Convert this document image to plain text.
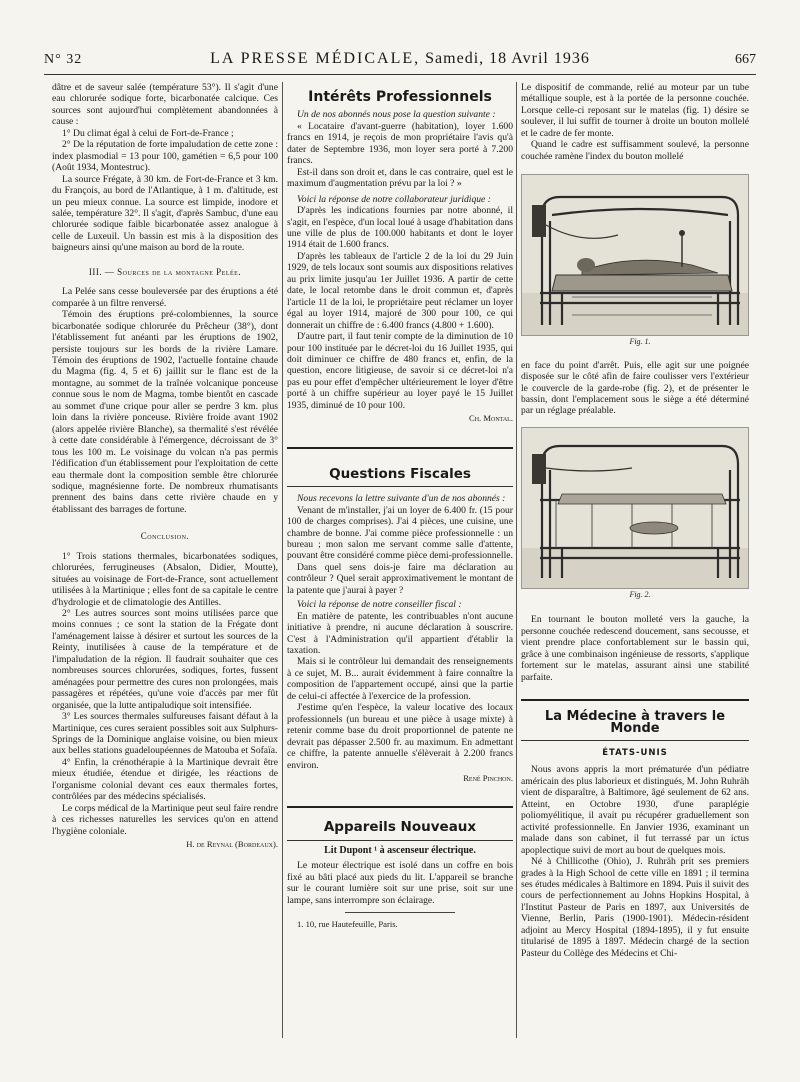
N° 32	LA PRESSE MÉDICALE, Samedi, 18 Avril 1936	667

dâtre et de saveur salée (température 53°). Il s'agit d'une eau chlorurée sodique forte, bicarbonatée calcique. Ces sources sont aujourd'hui complètement abandonnées à cause :

1° Du climat égal à celui de Fort-de-France ;

2° De la réputation de forte impaludation de cette zone : index plasmodial = 13 pour 100, gamétien = 6,5 pour 100 (Août 1934, Montestruc).

La source Frégate, à 30 km. de Fort-de-France et 3 km. du François, au bord de l'Atlantique, à 1 m. d'altitude, est un peu mieux connue. La source est limpide, inodore et salée, température 32°. Il s'agit, d'après Sambuc, d'une eau chlorurée sodique faible bicarbonatée assez analogue à celle de Luxeuil. Un bassin est mis à la disposition des baigneurs ainsi qu'une maison au bord de la route.

III. — Sources de la montagne Pelée.

La Pelée sans cesse bouleversée par des éruptions a été comparée à un filtre renversé.

Témoin des éruptions pré-colombiennes, la source bicarbonatée sodique chlorurée du Prêcheur (38°), dont l'établissement fut anéanti par les éruptions de 1902, persiste toujours sur les bords de la rivière Lamare. Témoin des éruptions de 1902, l'actuelle fontaine chaude du Magma (fig. 4, 5 et 6) jaillit sur le flanc est de la montagne, au sommet de la traînée volcanique ponceuse connue sous le nom de Magma, tombe bientôt en cascade au sommet d'une crique pour aller se perdre 3 km. plus loin dans la rivière ponceuse. Rivière froide avant 1902 (alors appelée rivière Blanche), sa thermalité s'est révélée à cette date considérable à l'émergence, décroissant de 3° tous les 100 m. Le voisinage du volcan n'a pas permis l'édification d'un établissement pour l'exploitation de cette eau thermale dont la composition semble être chlorurée sodique, magnésienne forte. De nombreux rhumatisants prennent des bains dans cette rivière chaude en y établissant des barrages de fortune.

Conclusion.

1° Trois stations thermales, bicarbonatées sodiques, chlorurées, ferrugineuses (Absalon, Didier, Moutte), situées au voisinage de Fort-de-France, sont actuellement utilisées à la Martinique ; elles font de sa capitale le centre d'hydrologie et de climatologie des Antilles.

2° Les autres sources sont moins utilisées parce que moins connues ; ce sont la station de la Frégate dont l'aménagement laisse à désirer et surtout les sources de la Reinty, inutilisées à cause de la température et de l'impaludation de la région. Il faudrait souhaiter que ces nombreuses sources chlorurées, sodiques, fortes, fussent aménagées pour permettre des cures non prolongées, mais passagères et répétées, qu'une voie d'accès par mer fût organisée, que la lutte antipaludique soit intensifiée.

3° Les sources thermales sulfureuses faisant défaut à la Martinique, ces cures seraient possibles soit aux Sulphurs-Springs de la Dominique anglaise voisine, ou bien mieux aux belles stations guadeloupéennes de Matouba et Sofaïa.

4° Enfin, la crénothérapie à la Martinique devrait être mieux étudiée, étendue et dirigée, les réactions de l'organisme colonial devant ces eaux thermales fortes, contrôlées par des médecins spécialisés.

Le corps médical de la Martinique peut seul faire rendre à ces richesses naturelles les services qu'on en attend l'hygiène coloniale.

H. de Reynal (Bordeaux).

Intérêts Professionnels

Un de nos abonnés nous pose la question suivante :

« Locataire d'avant-guerre (habitation), loyer 1.600 francs en 1914, je reçois de mon propriétaire l'avis qu'à dater de Septembre 1936, mon loyer sera porté à 7.200 francs.

Est-il dans son droit et, dans le cas contraire, quel est le maximum d'augmentation prévu par la loi ? »

Voici la réponse de notre collaborateur juridique :

D'après les indications fournies par notre abonné, il s'agit, en l'espèce, d'un local loué à usage d'habitation dans une ville de plus de 100.000 habitants et dont le loyer 1914 était de 1.600 francs.

D'après les tableaux de l'article 2 de la loi du 29 Juin 1929, de tels locaux sont soumis aux dispositions relatives au prix limite jusqu'au 1er Juillet 1936. A partir de cette date, le local retombe dans le droit commun et, d'après l'article 11 de la loi, le propriétaire peut réclamer un loyer égal au loyer 1914, majoré de 300 pour 100, ce qui donnerait un chiffre de : 6.400 francs (4.800 + 1.600).

D'autre part, il faut tenir compte de la diminution de 10 pour 100 instituée par le décret-loi du 16 Juillet 1935, qui doit diminuer ce chiffre de 480 francs et, enfin, de la question, encore litigieuse, de savoir si ce décret-loi n'a pas eu pour effet d'empêcher ultérieurement le loyer d'être porté à un chiffre supérieur au loyer payé le 15 Juillet 1935, diminué de 10 pour 100.

Ch. Montal.

Questions Fiscales

Nous recevons la lettre suivante d'un de nos abonnés :

Venant de m'installer, j'ai un loyer de 6.400 fr. (15 pour 100 de charges comprises). J'ai 4 pièces, une cuisine, une chambre de bonne. J'ai comme pièce professionnelle : un bureau ; mon salon me servant comme salle d'attente, pouvant être considéré comme pièce demi-professionnelle.

Dans quel sens dois-je faire ma déclaration au contrôleur ? Quel serait approximativement le montant de la patente que j'aurai à payer ?

Voici la réponse de notre conseiller fiscal :

En matière de patente, les contribuables n'ont aucune initiative à prendre, ni aucune déclaration à souscrire. C'est à l'Administration qu'il appartient d'établir la taxation.

Mais si le contrôleur lui demandait des renseignements à ce sujet, M. B... aurait évidemment à faire connaître la composition de l'appartement occupé, ainsi que la partie de celui-ci affectée à l'exercice de la profession.

J'estime qu'en l'espèce, la valeur locative des locaux professionnels (un bureau et une pièce à usage mixte) à retenir comme base du droit proportionnel de patente ne devrait pas dépasser 2.500 fr. au maximum. En admettant ce chiffre, la patente annuelle s'élèverait à 2.200 francs environ.

René Pinchon.

Appareils Nouveaux
Lit Dupont ¹ à ascenseur électrique.

Le moteur électrique est isolé dans un coffre en bois fixé au bâti placé aux pieds du lit. L'appareil se branche sur le courant lumière soit sur une prise, soit sur une lampe, sans interrompre son éclairage.

1. 10, rue Hautefeuille, Paris.

Le dispositif de commande, relié au moteur par un tube métallique souple, est à la portée de la personne couchée. Lorsque celle-ci reposant sur le matelas (fig. 1) désire se soulever, il lui suffit de tourner à droite un bouton mollelé et le cadre de fer monte.

Quand le cadre est suffisamment soulevé, la personne couchée ramène l'index du bouton mollelé

Fig. 1.

en face du point d'arrêt. Puis, elle agit sur une poignée disposée sur le côté afin de faire coulisser vers l'extérieur le couvercle de la garde-robe (fig. 2), et de présenter le bassin, dont l'emplacement sous le siège a été déterminé par un réglage préalable.

Fig. 2.

En tournant le bouton molleté vers la gauche, la personne couchée redescend doucement, sans secousse, et vient prendre place confortablement sur le bassin qui, grâce à une combinaison ingénieuse de ressorts, s'applique fortement sur le matelas, assurant ainsi une stabilité parfaite.

La Médecine à travers le Monde
ÉTATS-UNIS

Nous avons appris la mort prématurée d'un pédiatre américain des plus laborieux et distingués, M. John Ruhräh vient de disparaître, à Baltimore, âgé seulement de 62 ans. Atteint, en Octobre 1930, d'une paraplégie poliomyélitique, il avait pu récupérer graduellement son activité professionnelle. En Janvier 1936, examinant un malade dans son cabinet, il fut terrassé par un ictus apoplectique suivi de mort au bout de quelques mois.

Né à Chillicothe (Ohio), J. Ruhräh prit ses premiers grades à la High School de cette ville en 1891 ; il termina ses études médicales à Baltimore en 1894. Puis il suivit des cours de perfectionnement au Johns Hopkins Hospital, à l'Institut Pasteur de Paris en 1897, aux Universités de Vienne, Berlin, Paris (1900-1901). Médecin-résident adjoint au Mercy Hospital (1894-1895), il y fut ensuite titularisé de 1895 à 1897. Médecin chargé de la section Pasteur du Collège des Médecins et Chi-
